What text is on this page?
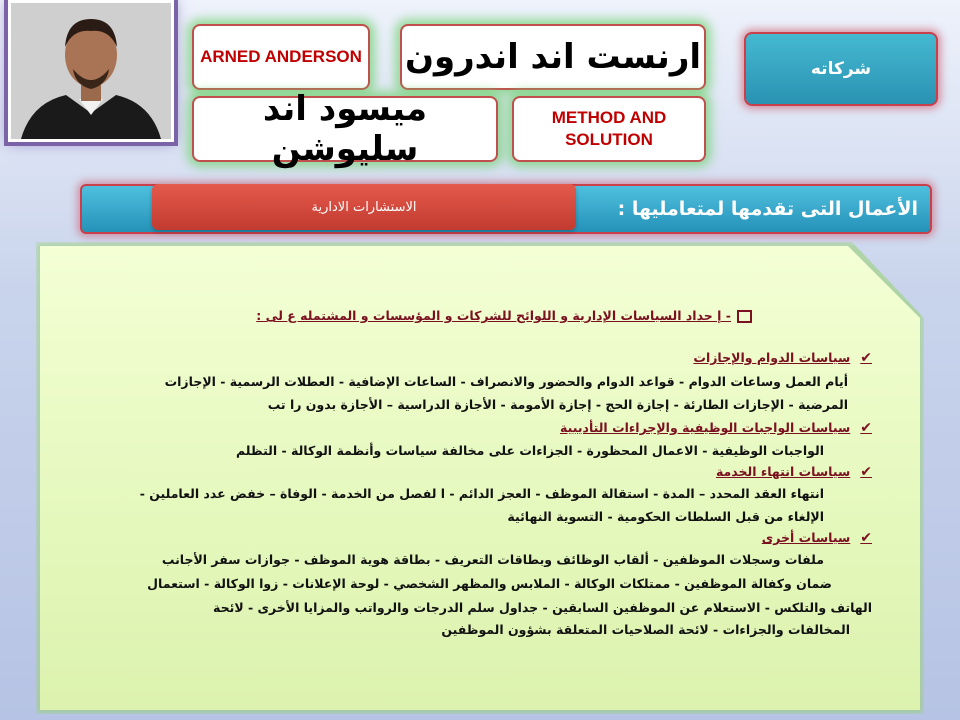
ARNED ANDERSON ارنست اند اندرون
ميسود اند سليوشن
METHOD AND SOLUTION
شركاته
الأعمال التى تقدمها لمتعامليها :
الاستشارات الادارية
- إ حداد السياسات الإدارية و اللوائح للشركات و المؤسسات و المشتمله ع لى :
✔سياسات الدوام والإجازات
أيام العمل وساعات الدوام - قواعد الدوام والحضور والانصراف - الساعات الإضافية - العطلات الرسمية - الإجازات
المرضية - الإجازات الطارئة - إجازة الحج - إجازة الأمومة - الأجازة الدراسية – الأجازة بدون را تب
✔سياسات الواجبات الوظيفية والإجراءات التأديبية
الواجبات الوظيفية - الاعمال المحظورة - الجزاءات على مخالفة سياسات وأنظمة الوكالة - التظلم
✔سياسات انتهاء الخدمة
انتهاء العقد المحدد – المدة - استقالة الموظف - العجز الدائم - ا لفصل من الخدمة - الوفاة – خفض عدد العاملين -
الإلغاء من قبل السلطات الحكومية - التسوية النهائية
✔سياسات أخرى
ملفات وسجلات الموظفين - ألقاب الوظائف وبطاقات التعريف - بطاقة هوية الموظف - جوازات سفر الأجانب
ضمان وكفالة الموظفين - ممتلكات الوكالة - الملابس والمظهر الشخصي - لوحة الإعلانات - زوا الوكالة - استعمال
الهاتف والتلكس - الاستعلام عن الموظفين السابقين - جداول سلم الدرجات والرواتب والمزايا الأخرى - لائحة
المخالفات والجزاءات - لائحة الصلاحيات المتعلقة بشؤون الموظفين
